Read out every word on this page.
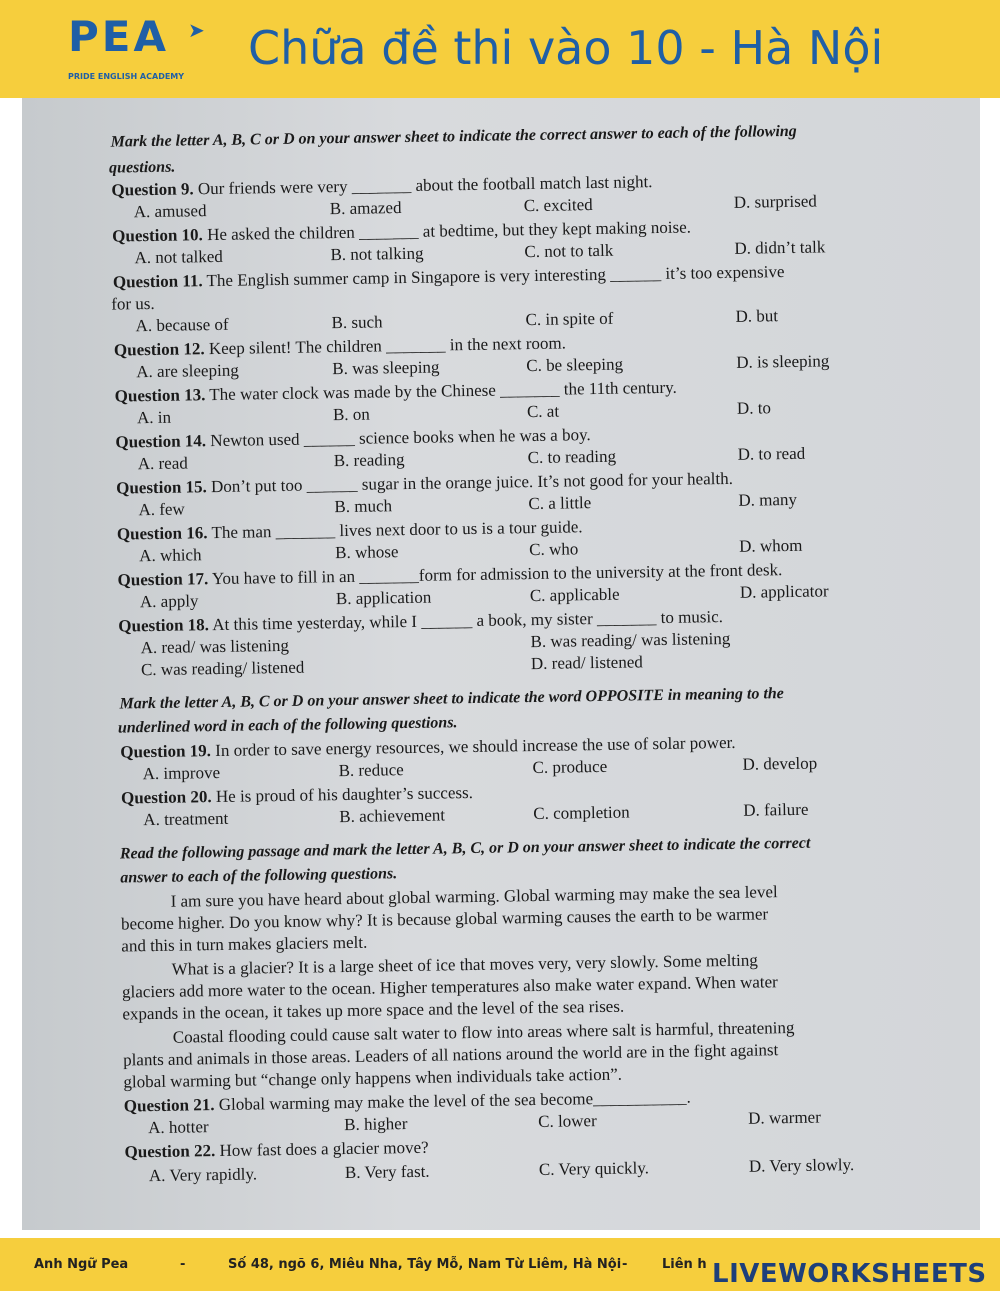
PEA ➤
PRIDE ENGLISH ACADEMY
Chữa đề thi vào 10 - Hà Nội
Mark the letter A, B, C or D on your answer sheet to indicate the correct answer to each of the following
questions.
Question 9. Our friends were very _______ about the football match last night.
A. amused	B. amazed	C. excited	D. surprised
Question 10. He asked the children _______ at bedtime, but they kept making noise.
A. not talked	B. not talking	C. not to talk	D. didn’t talk
Question 11. The English summer camp in Singapore is very interesting ______ it’s too expensive
for us.
A. because of	B. such	C. in spite of	D. but
Question 12. Keep silent! The children _______ in the next room.
A. are sleeping	B. was sleeping	C. be sleeping	D. is sleeping
Question 13. The water clock was made by the Chinese _______ the 11th century.
A. in	B. on	C. at	D. to
Question 14. Newton used ______ science books when he was a boy.
A. read	B. reading	C. to reading	D. to read
Question 15. Don’t put too ______ sugar in the orange juice. It’s not good for your health.
A. few	B. much	C. a little	D. many
Question 16. The man _______ lives next door to us is a tour guide.
A. which	B. whose	C. who	D. whom
Question 17. You have to fill in an _______form for admission to the university at the front desk.
A. apply	B. application	C. applicable	D. applicator
Question 18. At this time yesterday, while I ______ a book, my sister _______ to music.
A. read/ was listening	B. was reading/ was listening
C. was reading/ listened	D. read/ listened
Mark the letter A, B, C or D on your answer sheet to indicate the word OPPOSITE in meaning to the
underlined word in each of the following questions.
Question 19. In order to save energy resources, we should increase the use of solar power.
A. improve	B. reduce	C. produce	D. develop
Question 20. He is proud of his daughter’s success.
A. treatment	B. achievement	C. completion	D. failure
Read the following passage and mark the letter A, B, C, or D on your answer sheet to indicate the correct
answer to each of the following questions.
I am sure you have heard about global warming. Global warming may make the sea level
become higher. Do you know why? It is because global warming causes the earth to be warmer
and this in turn makes glaciers melt.
What is a glacier? It is a large sheet of ice that moves very, very slowly. Some melting
glaciers add more water to the ocean. Higher temperatures also make water expand. When water
expands in the ocean, it takes up more space and the level of the sea rises.
Coastal flooding could cause salt water to flow into areas where salt is harmful, threatening
plants and animals in those areas. Leaders of all nations around the world are in the fight against
global warming but “change only happens when individuals take action”.
Question 21. Global warming may make the level of the sea become___________.
A. hotter	B. higher	C. lower	D. warmer
Question 22. How fast does a glacier move?
A. Very rapidly.	B. Very fast.	C. Very quickly.	D. Very slowly.
Anh Ngữ Pea	-	Số 48, ngõ 6, Miêu Nha, Tây Mỗ, Nam Từ Liêm, Hà Nội -	Liên h LIVEWORKSHEETS
